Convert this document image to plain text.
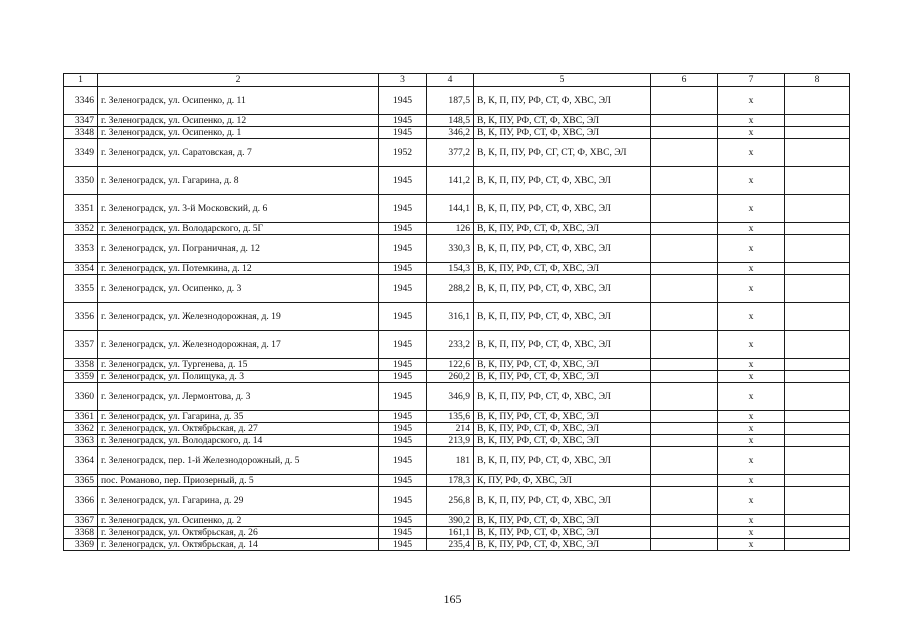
1	2	3	4	5	6	7	8
3346	г. Зеленоградск, ул. Осипенко, д. 11	1945	187,5	В, К, П, ПУ, РФ, СТ, Ф, ХВС, ЭЛ		х	
3347	г. Зеленоградск, ул. Осипенко, д. 12	1945	148,5	В, К, ПУ, РФ, СТ, Ф, ХВС, ЭЛ		х	
3348	г. Зеленоградск, ул. Осипенко, д. 1	1945	346,2	В, К, ПУ, РФ, СТ, Ф, ХВС, ЭЛ		х	
3349	г. Зеленоградск, ул. Саратовская, д. 7	1952	377,2	В, К, П, ПУ, РФ, СГ, СТ, Ф, ХВС, ЭЛ		х	
3350	г. Зеленоградск, ул. Гагарина, д. 8	1945	141,2	В, К, П, ПУ, РФ, СТ, Ф, ХВС, ЭЛ		х	
3351	г. Зеленоградск, ул. 3-й Московский, д. 6	1945	144,1	В, К, П, ПУ, РФ, СТ, Ф, ХВС, ЭЛ		х	
3352	г. Зеленоградск, ул. Володарского, д. 5Г	1945	126	В, К, ПУ, РФ, СТ, Ф, ХВС, ЭЛ		х	
3353	г. Зеленоградск, ул. Пограничная, д. 12	1945	330,3	В, К, П, ПУ, РФ, СТ, Ф, ХВС, ЭЛ		х	
3354	г. Зеленоградск, ул. Потемкина, д. 12	1945	154,3	В, К, ПУ, РФ, СТ, Ф, ХВС, ЭЛ		х	
3355	г. Зеленоградск, ул. Осипенко, д. 3	1945	288,2	В, К, П, ПУ, РФ, СТ, Ф, ХВС, ЭЛ		х	
3356	г. Зеленоградск, ул. Железнодорожная, д. 19	1945	316,1	В, К, П, ПУ, РФ, СТ, Ф, ХВС, ЭЛ		х	
3357	г. Зеленоградск, ул. Железнодорожная, д. 17	1945	233,2	В, К, П, ПУ, РФ, СТ, Ф, ХВС, ЭЛ		х	
3358	г. Зеленоградск, ул. Тургенева, д. 15	1945	122,6	В, К, ПУ, РФ, СТ, Ф, ХВС, ЭЛ		х	
3359	г. Зеленоградск, ул. Полищука, д. 3	1945	260,2	В, К, ПУ, РФ, СТ, Ф, ХВС, ЭЛ		х	
3360	г. Зеленоградск, ул. Лермонтова, д. 3	1945	346,9	В, К, П, ПУ, РФ, СТ, Ф, ХВС, ЭЛ		х	
3361	г. Зеленоградск, ул. Гагарина, д. 35	1945	135,6	В, К, ПУ, РФ, СТ, Ф, ХВС, ЭЛ		х	
3362	г. Зеленоградск, ул. Октябрьская, д. 27	1945	214	В, К, ПУ, РФ, СТ, Ф, ХВС, ЭЛ		х	
3363	г. Зеленоградск, ул. Володарского, д. 14	1945	213,9	В, К, ПУ, РФ, СТ, Ф, ХВС, ЭЛ		х	
3364	г. Зеленоградск, пер. 1-й Железнодорожный, д. 5	1945	181	В, К, П, ПУ, РФ, СТ, Ф, ХВС, ЭЛ		х	
3365	пос. Романово, пер. Приозерный, д. 5	1945	178,3	К, ПУ, РФ, Ф, ХВС, ЭЛ		х	
3366	г. Зеленоградск, ул. Гагарина, д. 29	1945	256,8	В, К, П, ПУ, РФ, СТ, Ф, ХВС, ЭЛ		х	
3367	г. Зеленоградск, ул. Осипенко, д. 2	1945	390,2	В, К, ПУ, РФ, СТ, Ф, ХВС, ЭЛ		х	
3368	г. Зеленоградск, ул. Октябрьская, д. 26	1945	161,1	В, К, ПУ, РФ, СТ, Ф, ХВС, ЭЛ		х	
3369	г. Зеленоградск, ул. Октябрьская, д. 14	1945	235,4	В, К, ПУ, РФ, СТ, Ф, ХВС, ЭЛ		х	
165
